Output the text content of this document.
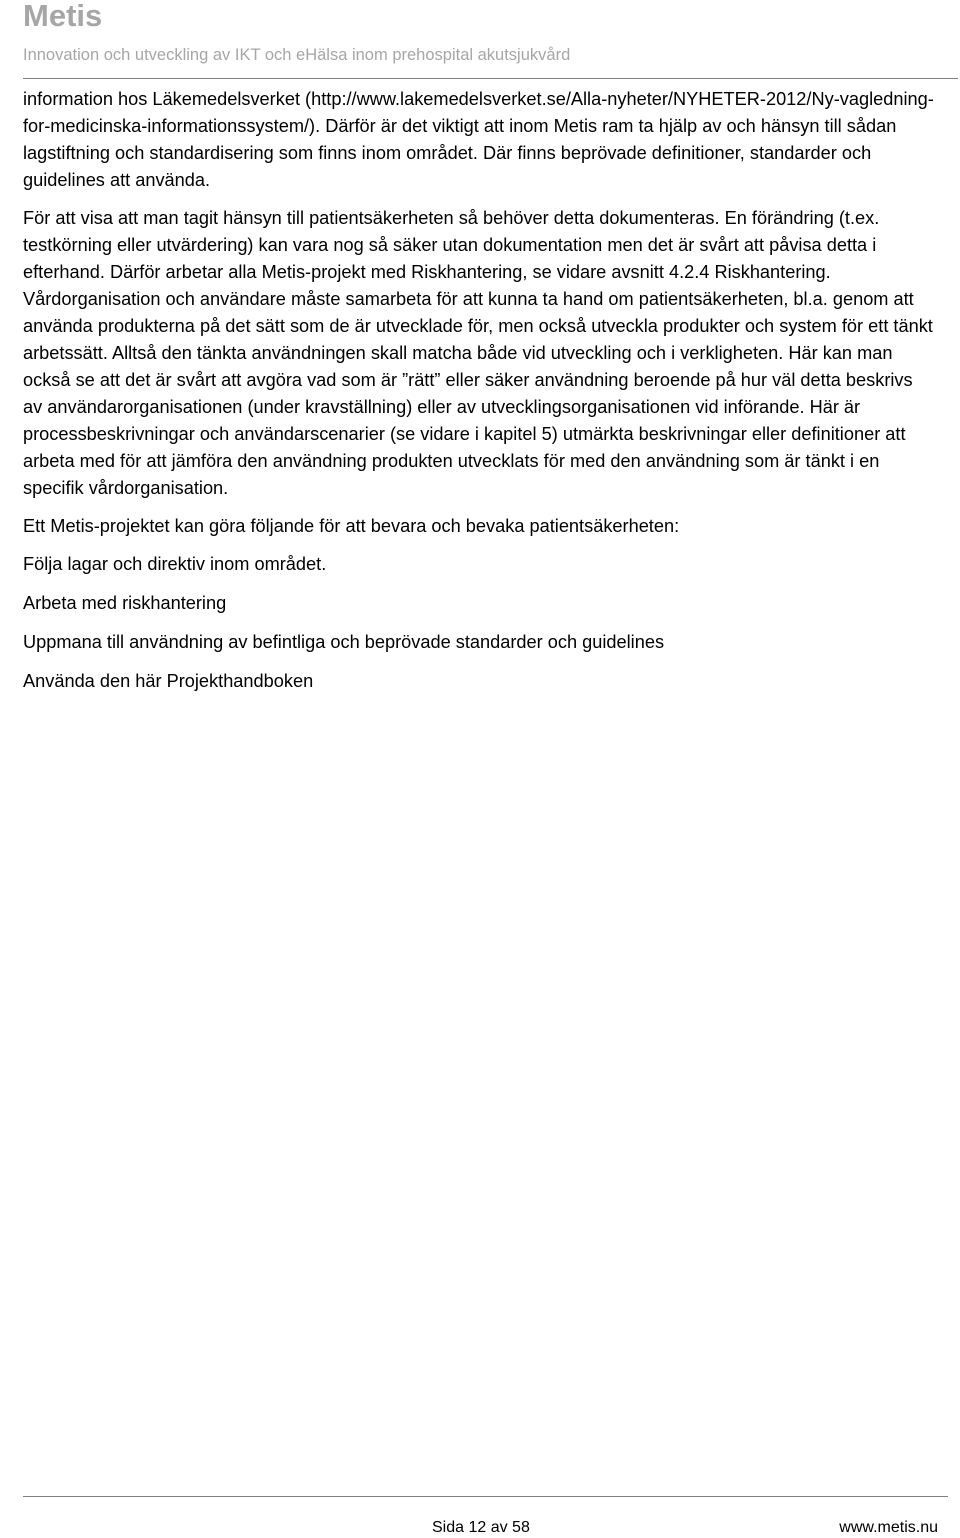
Metis
Innovation och utveckling av IKT och eHälsa inom prehospital akutsjukvård

information hos Läkemedelsverket (http://www.lakemedelsverket.se/Alla-nyheter/NYHETER-2012/Ny-vagledning-for-medicinska-informationssystem/). Därför är det viktigt att inom Metis ram ta hjälp av och hänsyn till sådan lagstiftning och standardisering som finns inom området. Där finns beprövade definitioner, standarder och guidelines att använda.

För att visa att man tagit hänsyn till patientsäkerheten så behöver detta dokumenteras. En förändring (t.ex. testkörning eller utvärdering) kan vara nog så säker utan dokumentation men det är svårt att påvisa detta i efterhand. Därför arbetar alla Metis-projekt med Riskhantering, se vidare avsnitt 4.2.4 Riskhantering. Vårdorganisation och användare måste samarbeta för att kunna ta hand om patientsäkerheten, bl.a. genom att använda produkterna på det sätt som de är utvecklade för, men också utveckla produkter och system för ett tänkt arbetssätt. Alltså den tänkta användningen skall matcha både vid utveckling och i verkligheten. Här kan man också se att det är svårt att avgöra vad som är ”rätt” eller säker användning beroende på hur väl detta beskrivs av användarorganisationen (under kravställning) eller av utvecklingsorganisationen vid införande. Här är processbeskrivningar och användarscenarier (se vidare i kapitel 5) utmärkta beskrivningar eller definitioner att arbeta med för att jämföra den användning produkten utvecklats för med den användning som är tänkt i en specifik vårdorganisation.

Ett Metis-projektet kan göra följande för att bevara och bevaka patientsäkerheten:

Följa lagar och direktiv inom området.

Arbeta med riskhantering

Uppmana till användning av befintliga och beprövade standarder och guidelines

Använda den här Projekthandboken

Sida 12 av 58	www.metis.nu
